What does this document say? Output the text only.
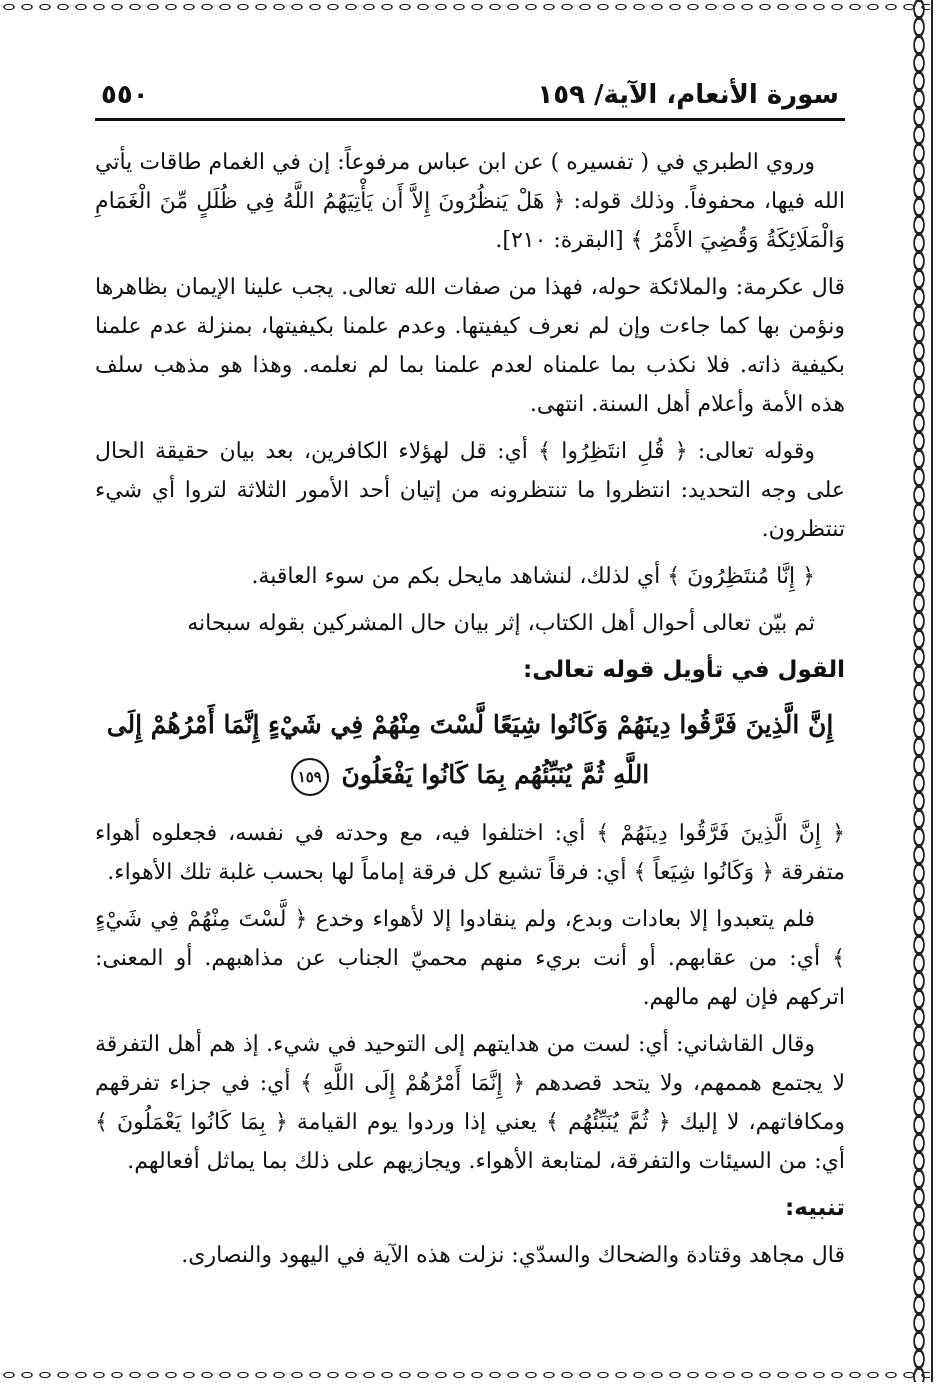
سورة الأنعام، الآية/ ١٥٩
٥٥٠

وروي الطبري في ( تفسيره ) عن ابن عباس مرفوعاً: إن في الغمام طاقات يأتي الله فيها، محفوفاً. وذلك قوله: ﴿ هَلْ يَنظُرُونَ إِلاَّ أَن يَأْتِيَهُمُ اللَّهُ فِي ظُلَلٍ مِّنَ الْغَمَامِ وَالْمَلَائِكَةُ وَقُضِيَ الأَمْرُ ﴾ [البقرة: ٢١٠].

قال عكرمة: والملائكة حوله، فهذا من صفات الله تعالى. يجب علينا الإيمان بظاهرها ونؤمن بها كما جاءت وإن لم نعرف كيفيتها. وعدم علمنا بكيفيتها، بمنزلة عدم علمنا بكيفية ذاته. فلا نكذب بما علمناه لعدم علمنا بما لم نعلمه. وهذا هو مذهب سلف هذه الأمة وأعلام أهل السنة. انتهى.

وقوله تعالى: ﴿ قُلِ انتَظِرُوا ﴾ أي: قل لهؤلاء الكافرين، بعد بيان حقيقة الحال على وجه التحديد: انتظروا ما تنتظرونه من إتيان أحد الأمور الثلاثة لتروا أي شيء تنتظرون.

﴿ إِنَّا مُنتَظِرُونَ ﴾ أي لذلك، لنشاهد مايحل بكم من سوء العاقبة.

ثم بيّن تعالى أحوال أهل الكتاب، إثر بيان حال المشركين بقوله سبحانه

القول في تأويل قوله تعالى:

إِنَّ الَّذِينَ فَرَّقُوا دِينَهُمْ وَكَانُوا شِيَعًا لَّسْتَ مِنْهُمْ فِي شَيْءٍ إِنَّمَا أَمْرُهُمْ إِلَى اللَّهِ ثُمَّ يُنَبِّئُهُم بِمَا كَانُوا يَفْعَلُونَ ١٥٩

﴿ إِنَّ الَّذِينَ فَرَّقُوا دِينَهُمْ ﴾ أي: اختلفوا فيه، مع وحدته في نفسه، فجعلوه أهواء متفرقة ﴿ وَكَانُوا شِيَعاً ﴾ أي: فرقاً تشيع كل فرقة إماماً لها بحسب غلبة تلك الأهواء.

فلم يتعبدوا إلا بعادات وبدع، ولم ينقادوا إلا لأهواء وخدع ﴿ لَّسْتَ مِنْهُمْ فِي شَيْءٍ ﴾ أي: من عقابهم. أو أنت بريء منهم محميّ الجناب عن مذاهبهم. أو المعنى: اتركهم فإن لهم مالهم.

وقال القاشاني: أي: لست من هدايتهم إلى التوحيد في شيء. إذ هم أهل التفرقة لا يجتمع هممهم، ولا يتحد قصدهم ﴿ إِنَّمَا أَمْرُهُمْ إِلَى اللَّهِ ﴾ أي: في جزاء تفرقهم ومكافاتهم، لا إليك ﴿ ثُمَّ يُنَبِّئُهُم ﴾ يعني إذا وردوا يوم القيامة ﴿ بِمَا كَانُوا يَعْمَلُونَ ﴾ أي: من السيئات والتفرقة، لمتابعة الأهواء. ويجازيهم على ذلك بما يماثل أفعالهم.

تنبيه:

قال مجاهد وقتادة والضحاك والسدّي: نزلت هذه الآية في اليهود والنصارى.
